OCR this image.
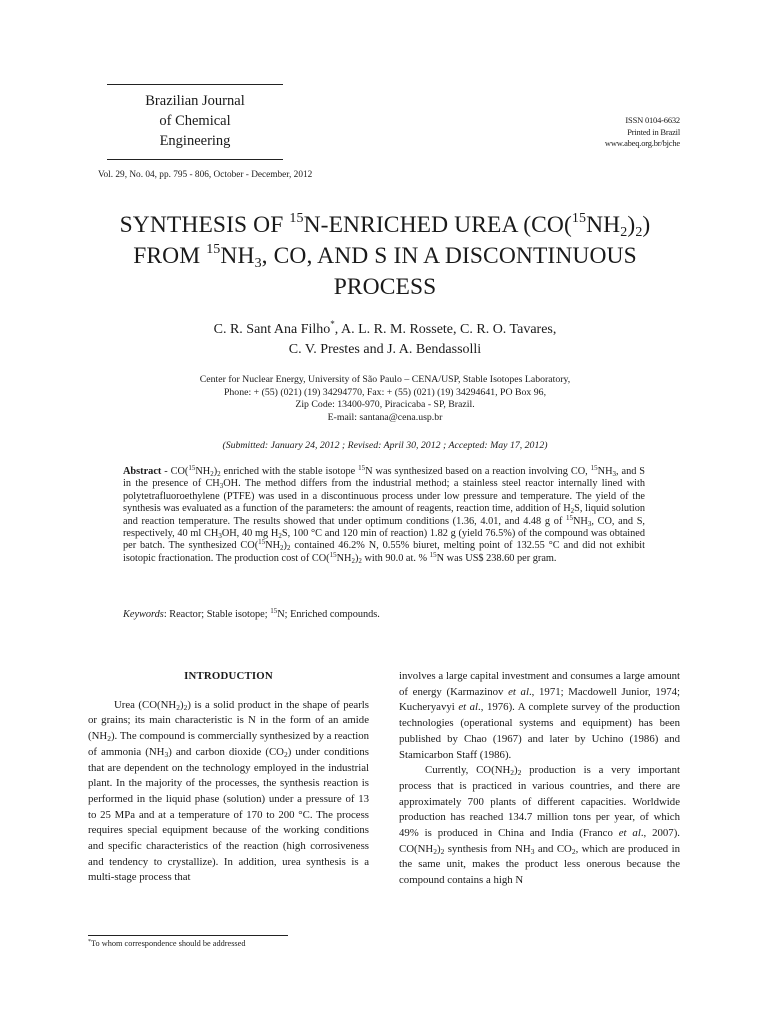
Brazilian Journal
of Chemical
Engineering
ISSN 0104-6632
Printed in Brazil
www.abeq.org.br/bjche
Vol. 29, No. 04, pp. 795 - 806, October - December, 2012
SYNTHESIS OF $^{15}$N-ENRICHED UREA $(CO(^{15}NH_2)_2)$
FROM $^{15}NH_3$, CO, AND S IN A DISCONTINUOUS
PROCESS
C. R. Sant Ana Filho*, A. L. R. M. Rossete, C. R. O. Tavares,
C. V. Prestes and J. A. Bendassolli
Center for Nuclear Energy, University of São Paulo – CENA/USP, Stable Isotopes Laboratory,
Phone: + (55) (021) (19) 34294770, Fax: + (55) (021) (19) 34294641, PO Box 96,
Zip Code: 13400-970, Piracicaba - SP, Brazil.
E-mail: santana@cena.usp.br
(Submitted: January 24, 2012 ; Revised: April 30, 2012 ; Accepted: May 17, 2012)
Abstract - $CO(^{15}NH_2)_2$ enriched with the stable isotope $^{15}$N was synthesized based on a reaction involving CO, $^{15}NH_3$, and S in the presence of $CH_3OH$. The method differs from the industrial method; a stainless steel reactor internally lined with polytetrafluoroethylene (PTFE) was used in a discontinuous process under low pressure and temperature. The yield of the synthesis was evaluated as a function of the parameters: the amount of reagents, reaction time, addition of $H_2S$, liquid solution and reaction temperature. The results showed that under optimum conditions (1.36, 4.01, and 4.48 g of $^{15}NH_3$, CO, and S, respectively, 40 ml $CH_3OH$, 40 mg $H_2S$, 100 °C and 120 min of reaction) 1.82 g (yield 76.5%) of the compound was obtained per batch. The synthesized $CO(^{15}NH_2)_2$ contained 46.2% N, 0.55% biuret, melting point of 132.55 °C and did not exhibit isotopic fractionation. The production cost of $CO(^{15}NH_2)_2$ with 90.0 at. % $^{15}$N was US$ 238.60 per gram.
Keywords: Reactor; Stable isotope; $^{15}$N; Enriched compounds.

INTRODUCTION

Urea $(CO(NH_2)_2)$ is a solid product in the shape of pearls or grains; its main characteristic is N in the form of an amide $(NH_2)$. The compound is commercially synthesized by a reaction of ammonia $(NH_3)$ and carbon dioxide $(CO_2)$ under conditions that are dependent on the technology employed in the industrial plant. In the majority of the processes, the synthesis reaction is performed in the liquid phase (solution) under a pressure of 13 to 25 MPa and at a temperature of 170 to 200 °C. The process requires special equipment because of the working conditions and specific characteristics of the reaction (high corrosiveness and tendency to crystallize). In addition, urea synthesis is a multi-stage process that

involves a large capital investment and consumes a large amount of energy (Karmazinov et al., 1971; Macdowell Junior, 1974; Kucheryavyi et al., 1976). A complete survey of the production technologies (operational systems and equipment) has been published by Chao (1967) and later by Uchino (1986) and Stamicarbon Staff (1986).

Currently, $CO(NH_2)_2$ production is a very important process that is practiced in various countries, and there are approximately 700 plants of different capacities. Worldwide production has reached 134.7 million tons per year, of which 49% is produced in China and India (Franco et al., 2007). $CO(NH_2)_2$ synthesis from $NH_3$ and $CO_2$, which are produced in the same unit, makes the product less onerous because the compound contains a high N

*To whom correspondence should be addressed
